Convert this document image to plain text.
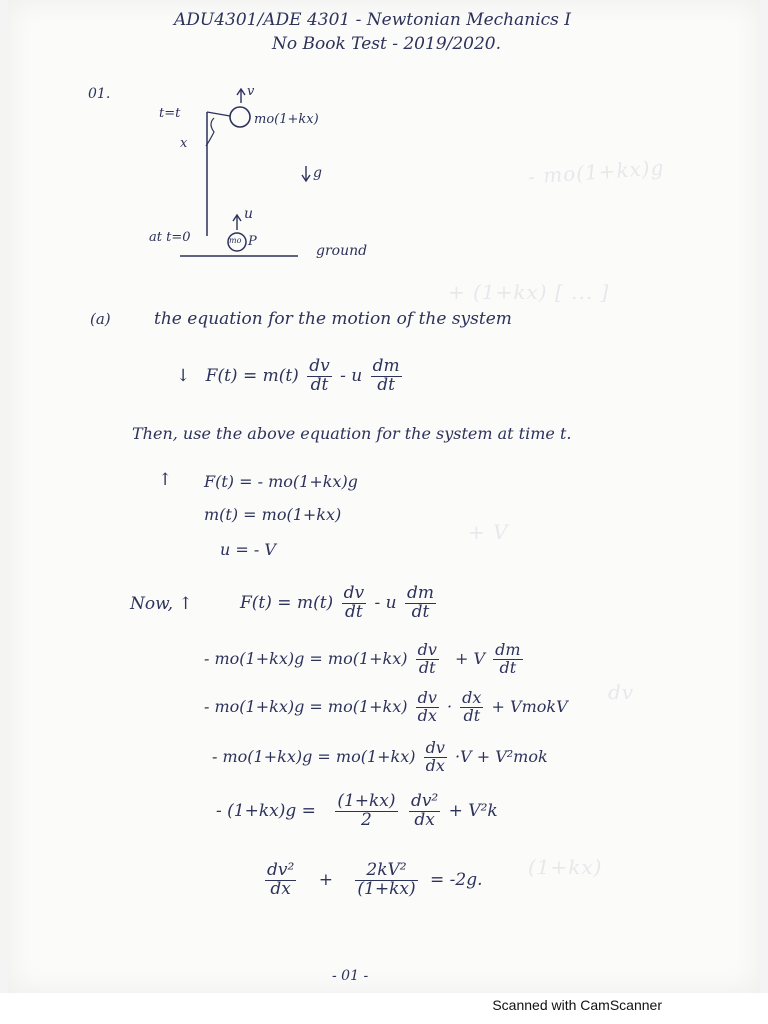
- mo(1+kx)g
+ (1+kx) [ ... ]
+ V
dv
(1+kx)
ADU4301/ADE 4301 - Newtonian Mechanics I
No Book Test - 2019/2020.
01.
t=t
x
v
mo(1+kx)
g
u
at t=0	mo P
ground
(a)	the equation for the motion of the system
↓ $F(t) = m(t) \frac{dv}{dt} - u \frac{dm}{dt}$
Then, use the above equation for the system at time t.
↑ F(t) = - mo(1+kx)g
m(t) = mo(1+kx)
u = - V
Now, ↑	$F(t) = m(t) \frac{dv}{dt} - u \frac{dm}{dt}$
- $mo(1+kx)g = mo(1+kx) \frac{dv}{dt} + V \frac{dm}{dt}$
- $mo(1+kx)g = mo(1+kx) \frac{dv}{dx} \cdot \frac{dx}{dt}$ + VmokV
- $mo(1+kx)g = mo(1+kx) \frac{dv}{dx} \cdot V + V^2mok$
- $(1+kx)g = \frac{(1+kx)}{2}$
$\frac{\text{dv²}}{dx} + V^2k$
$\frac{\text{dv²}}{dx} + \frac{\text{2kV²}}{(1+kx)} = -2g$.
- 01 -
Scanned with CamScanner
